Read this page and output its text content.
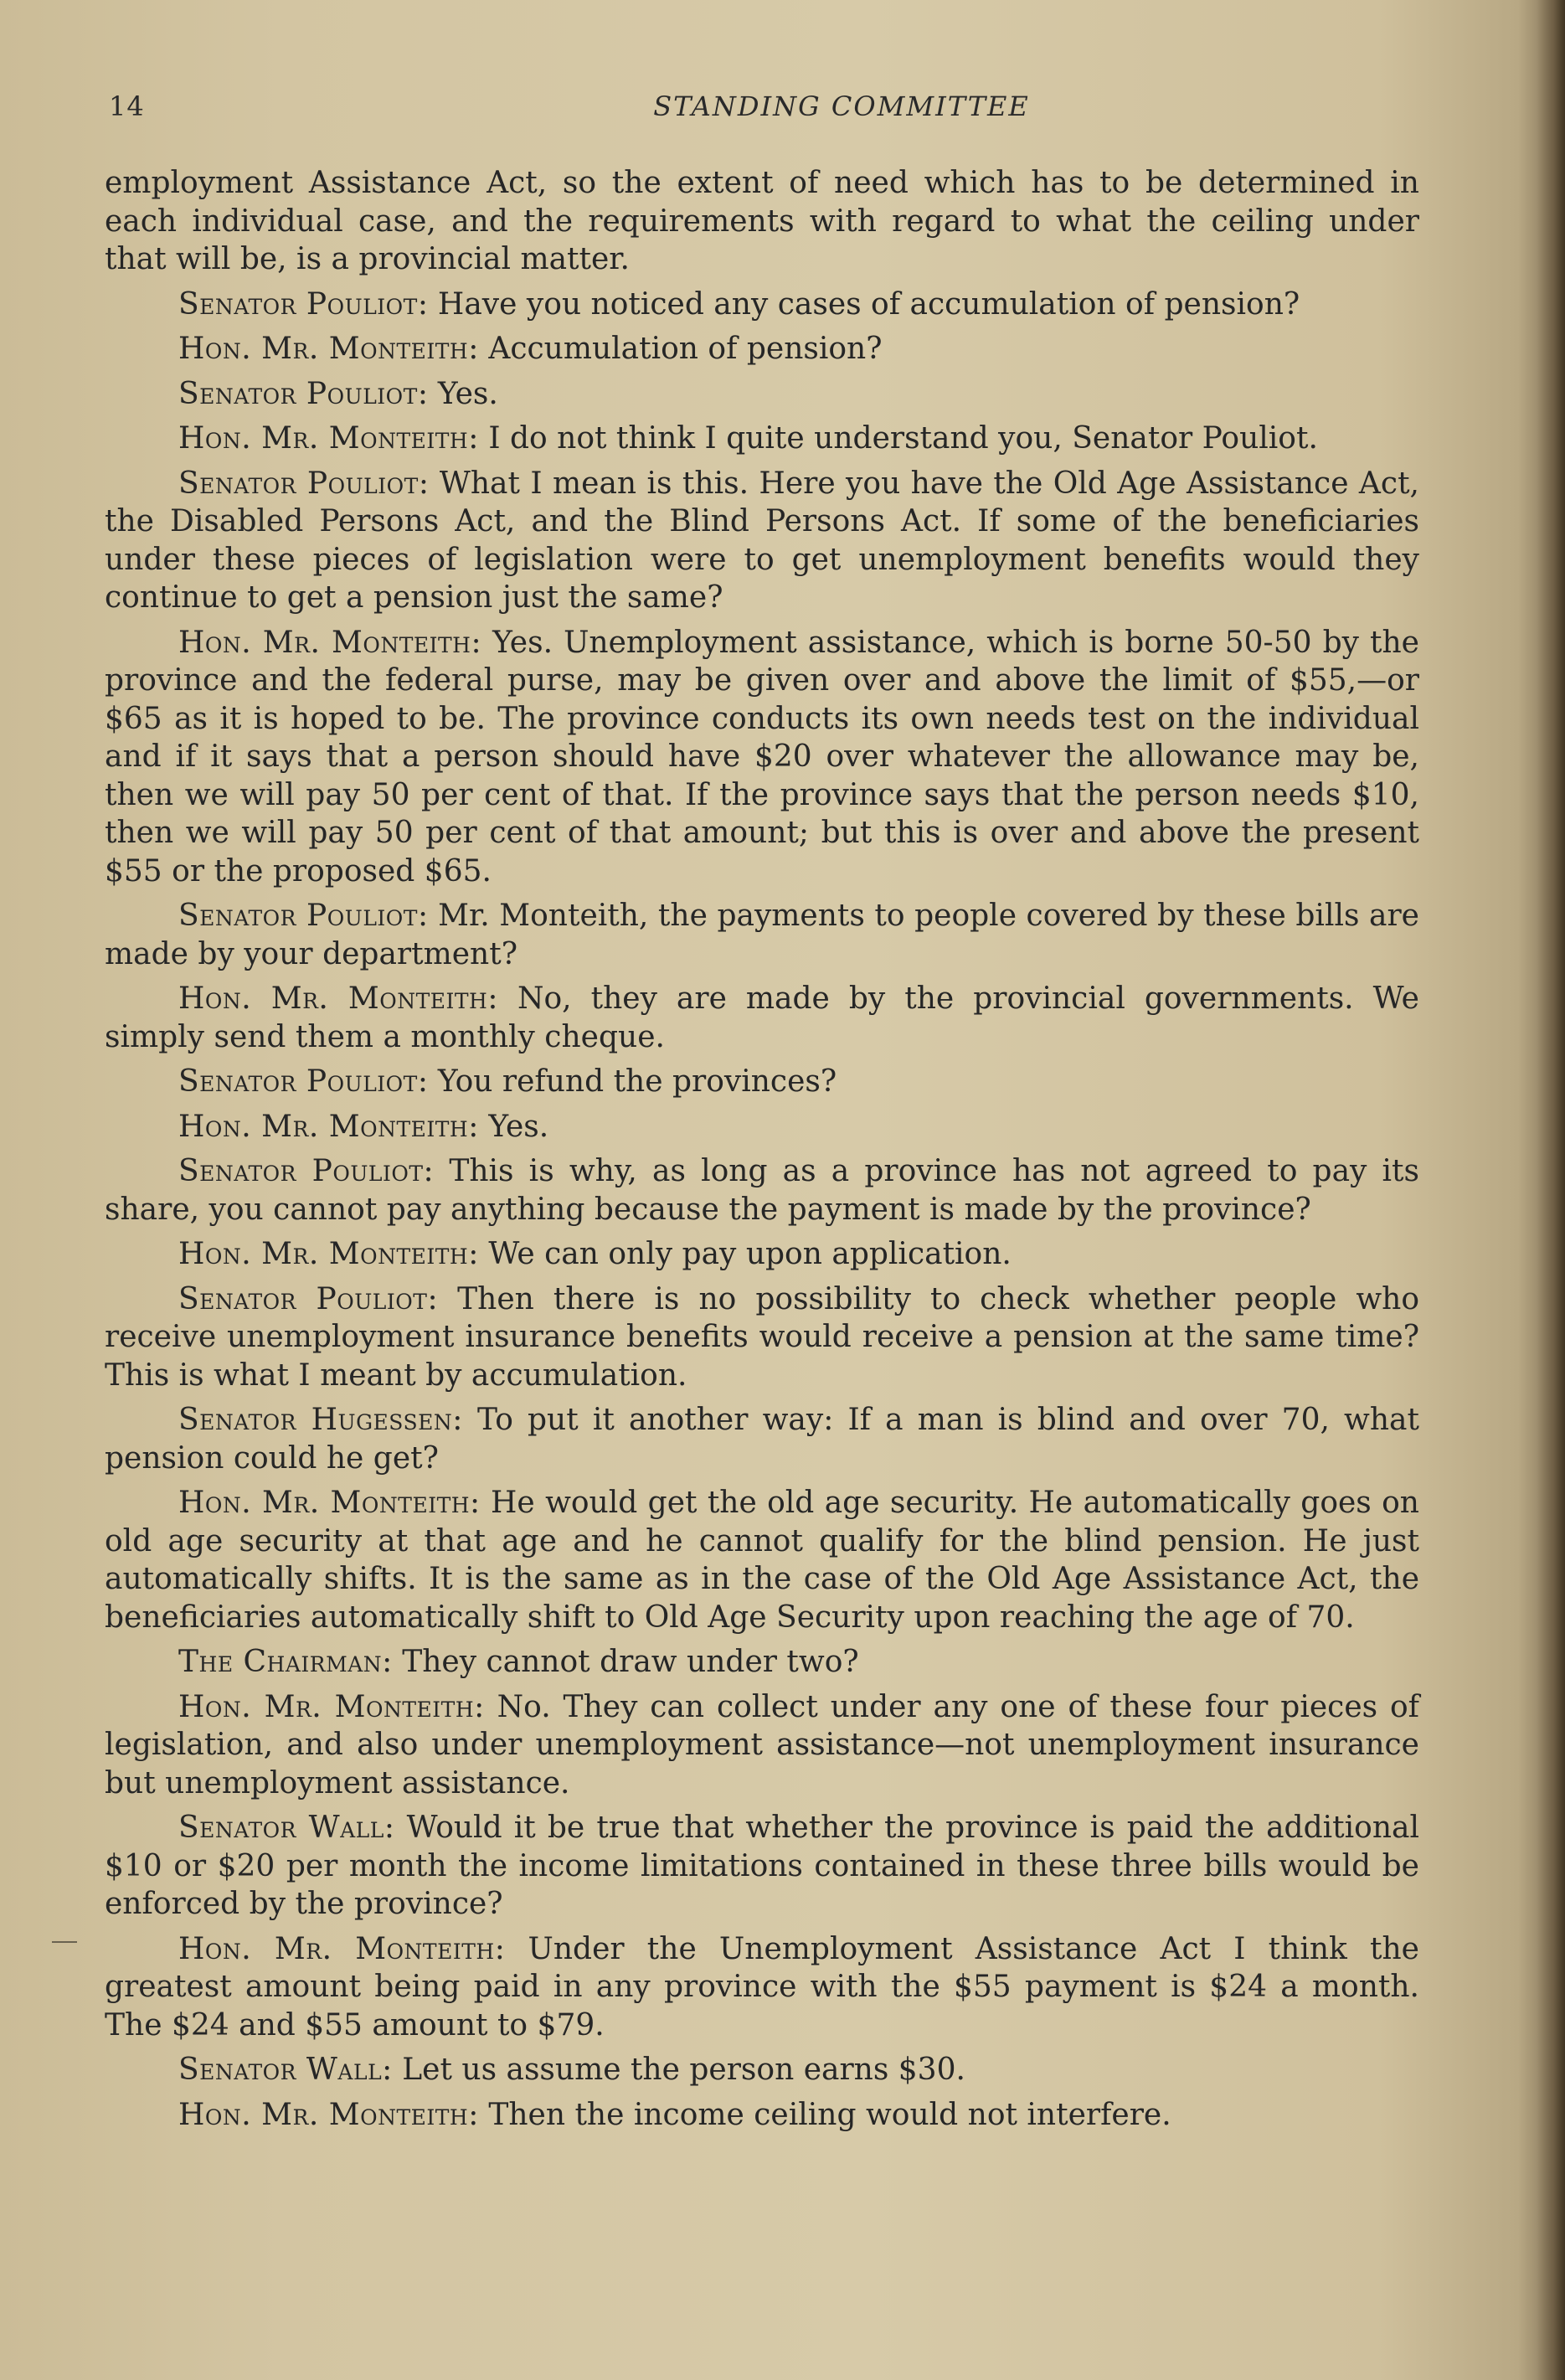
14	STANDING COMMITTEE

employment Assistance Act, so the extent of need which has to be determined in each individual case, and the requirements with regard to what the ceiling under that will be, is a provincial matter.

Senator Pouliot: Have you noticed any cases of accumulation of pension?

Hon. Mr. Monteith: Accumulation of pension?

Senator Pouliot: Yes.

Hon. Mr. Monteith: I do not think I quite understand you, Senator Pouliot.

Senator Pouliot: What I mean is this. Here you have the Old Age Assistance Act, the Disabled Persons Act, and the Blind Persons Act. If some of the beneficiaries under these pieces of legislation were to get unemployment benefits would they continue to get a pension just the same?

Hon. Mr. Monteith: Yes. Unemployment assistance, which is borne 50-50 by the province and the federal purse, may be given over and above the limit of $55,—or $65 as it is hoped to be. The province conducts its own needs test on the individual and if it says that a person should have $20 over whatever the allowance may be, then we will pay 50 per cent of that. If the province says that the person needs $10, then we will pay 50 per cent of that amount; but this is over and above the present $55 or the proposed $65.

Senator Pouliot: Mr. Monteith, the payments to people covered by these bills are made by your department?

Hon. Mr. Monteith: No, they are made by the provincial governments. We simply send them a monthly cheque.

Senator Pouliot: You refund the provinces?

Hon. Mr. Monteith: Yes.

Senator Pouliot: This is why, as long as a province has not agreed to pay its share, you cannot pay anything because the payment is made by the province?

Hon. Mr. Monteith: We can only pay upon application.

Senator Pouliot: Then there is no possibility to check whether people who receive unemployment insurance benefits would receive a pension at the same time? This is what I meant by accumulation.

Senator Hugessen: To put it another way: If a man is blind and over 70, what pension could he get?

Hon. Mr. Monteith: He would get the old age security. He automatically goes on old age security at that age and he cannot qualify for the blind pension. He just automatically shifts. It is the same as in the case of the Old Age Assistance Act, the beneficiaries automatically shift to Old Age Security upon reaching the age of 70.

The Chairman: They cannot draw under two?

Hon. Mr. Monteith: No. They can collect under any one of these four pieces of legislation, and also under unemployment assistance—not unemployment insurance but unemployment assistance.

Senator Wall: Would it be true that whether the province is paid the additional $10 or $20 per month the income limitations contained in these three bills would be enforced by the province?

Hon. Mr. Monteith: Under the Unemployment Assistance Act I think the greatest amount being paid in any province with the $55 payment is $24 a month. The $24 and $55 amount to $79.

Senator Wall: Let us assume the person earns $30.

Hon. Mr. Monteith: Then the income ceiling would not interfere.
